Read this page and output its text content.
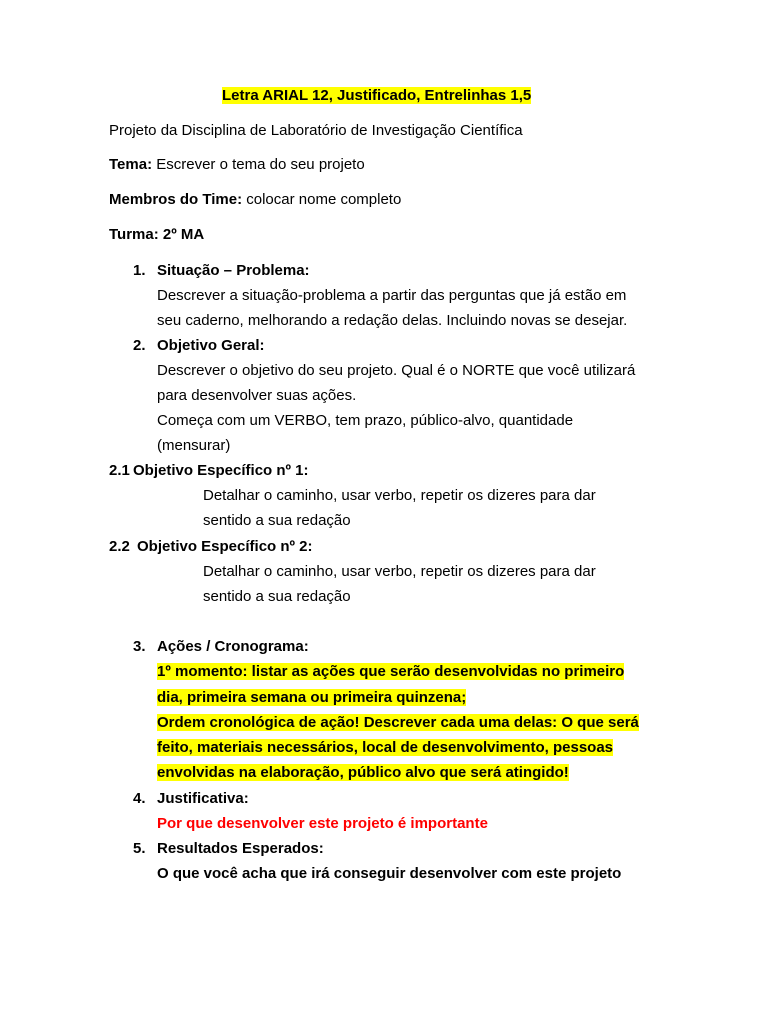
Letra ARIAL 12, Justificado, Entrelinhas 1,5
Projeto da Disciplina de Laboratório de Investigação Científica
Tema: Escrever o tema do seu projeto
Membros do Time: colocar nome completo
Turma: 2º MA
1. Situação – Problema:
Descrever a situação-problema a partir das perguntas que já estão em
seu caderno, melhorando a redação delas. Incluindo novas se desejar.
2. Objetivo Geral:
Descrever o objetivo do seu projeto. Qual é o NORTE que você utilizará
para desenvolver suas ações.
Começa com um VERBO, tem prazo, público-alvo, quantidade
(mensurar)
2.1 Objetivo Específico nº 1:
Detalhar o caminho, usar verbo, repetir os dizeres para dar
sentido a sua redação
2.2 Objetivo Específico nº 2:
Detalhar o caminho, usar verbo, repetir os dizeres para dar
sentido a sua redação
3. Ações / Cronograma:
1º momento: listar as ações que serão desenvolvidas no primeiro
dia, primeira semana ou primeira quinzena;
Ordem cronológica de ação! Descrever cada uma delas: O que será
feito, materiais necessários, local de desenvolvimento, pessoas
envolvidas na elaboração, público alvo que será atingido!
4. Justificativa:
Por que desenvolver este projeto é importante
5. Resultados Esperados:
O que você acha que irá conseguir desenvolver com este projeto
